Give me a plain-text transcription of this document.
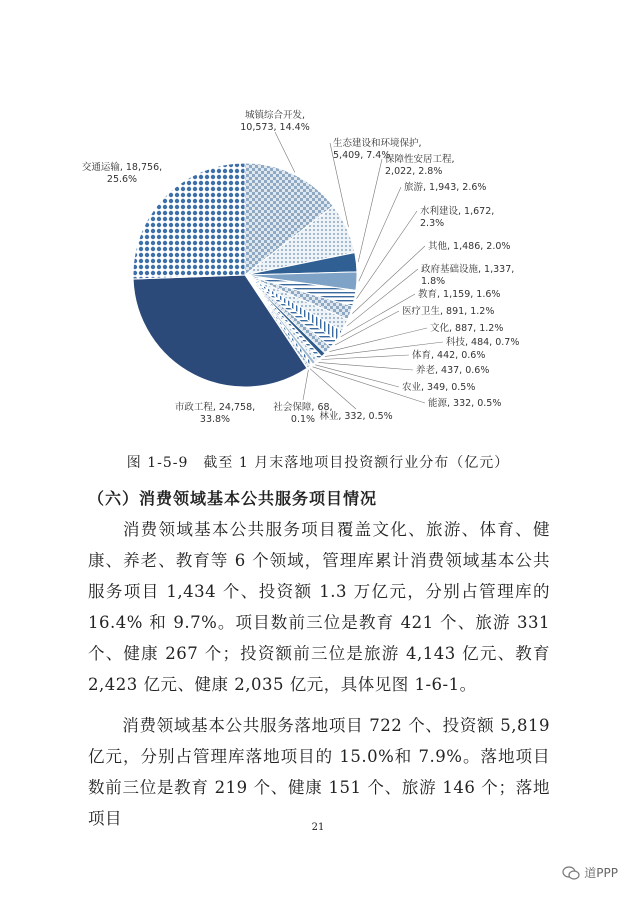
城镇综合开发, 10,573, 14.4%
生态建设和环境保护, 5,409, 7.4%
保障性安居工程, 2,022, 2.8%
旅游, 1,943, 2.6%
水利建设, 1,672, 2.3%
其他, 1,486, 2.0%
政府基础设施, 1,337, 1.8%
教育, 1,159, 1.6%
医疗卫生, 891, 1.2%
文化, 887, 1.2%
科技, 484, 0.7%
体育, 442, 0.6%
养老, 437, 0.6%
农业, 349, 0.5%
能源, 332, 0.5%
林业, 332, 0.5%
社会保障, 68, 0.1%
市政工程, 24,758, 33.8%
交通运输, 18,756, 25.6%
图 1-5-9　截至 1 月末落地项目投资额行业分布（亿元）
（六）消费领域基本公共服务项目情况
消费领域基本公共服务项目覆盖文化、旅游、体育、健康、养老、教育等 6 个领域，管理库累计消费领域基本公共服务项目 1,434 个、投资额 1.3 万亿元，分别占管理库的 16.4% 和 9.7%。项目数前三位是教育 421 个、旅游 331 个、健康 267 个；投资额前三位是旅游 4,143 亿元、教育 2,423 亿元、健康 2,035 亿元，具体见图 1-6-1。
消费领域基本公共服务落地项目 722 个、投资额 5,819 亿元，分别占管理库落地项目的 15.0%和 7.9%。落地项目数前三位是教育 219 个、健康 151 个、旅游 146 个；落地项目	21
道PPP
